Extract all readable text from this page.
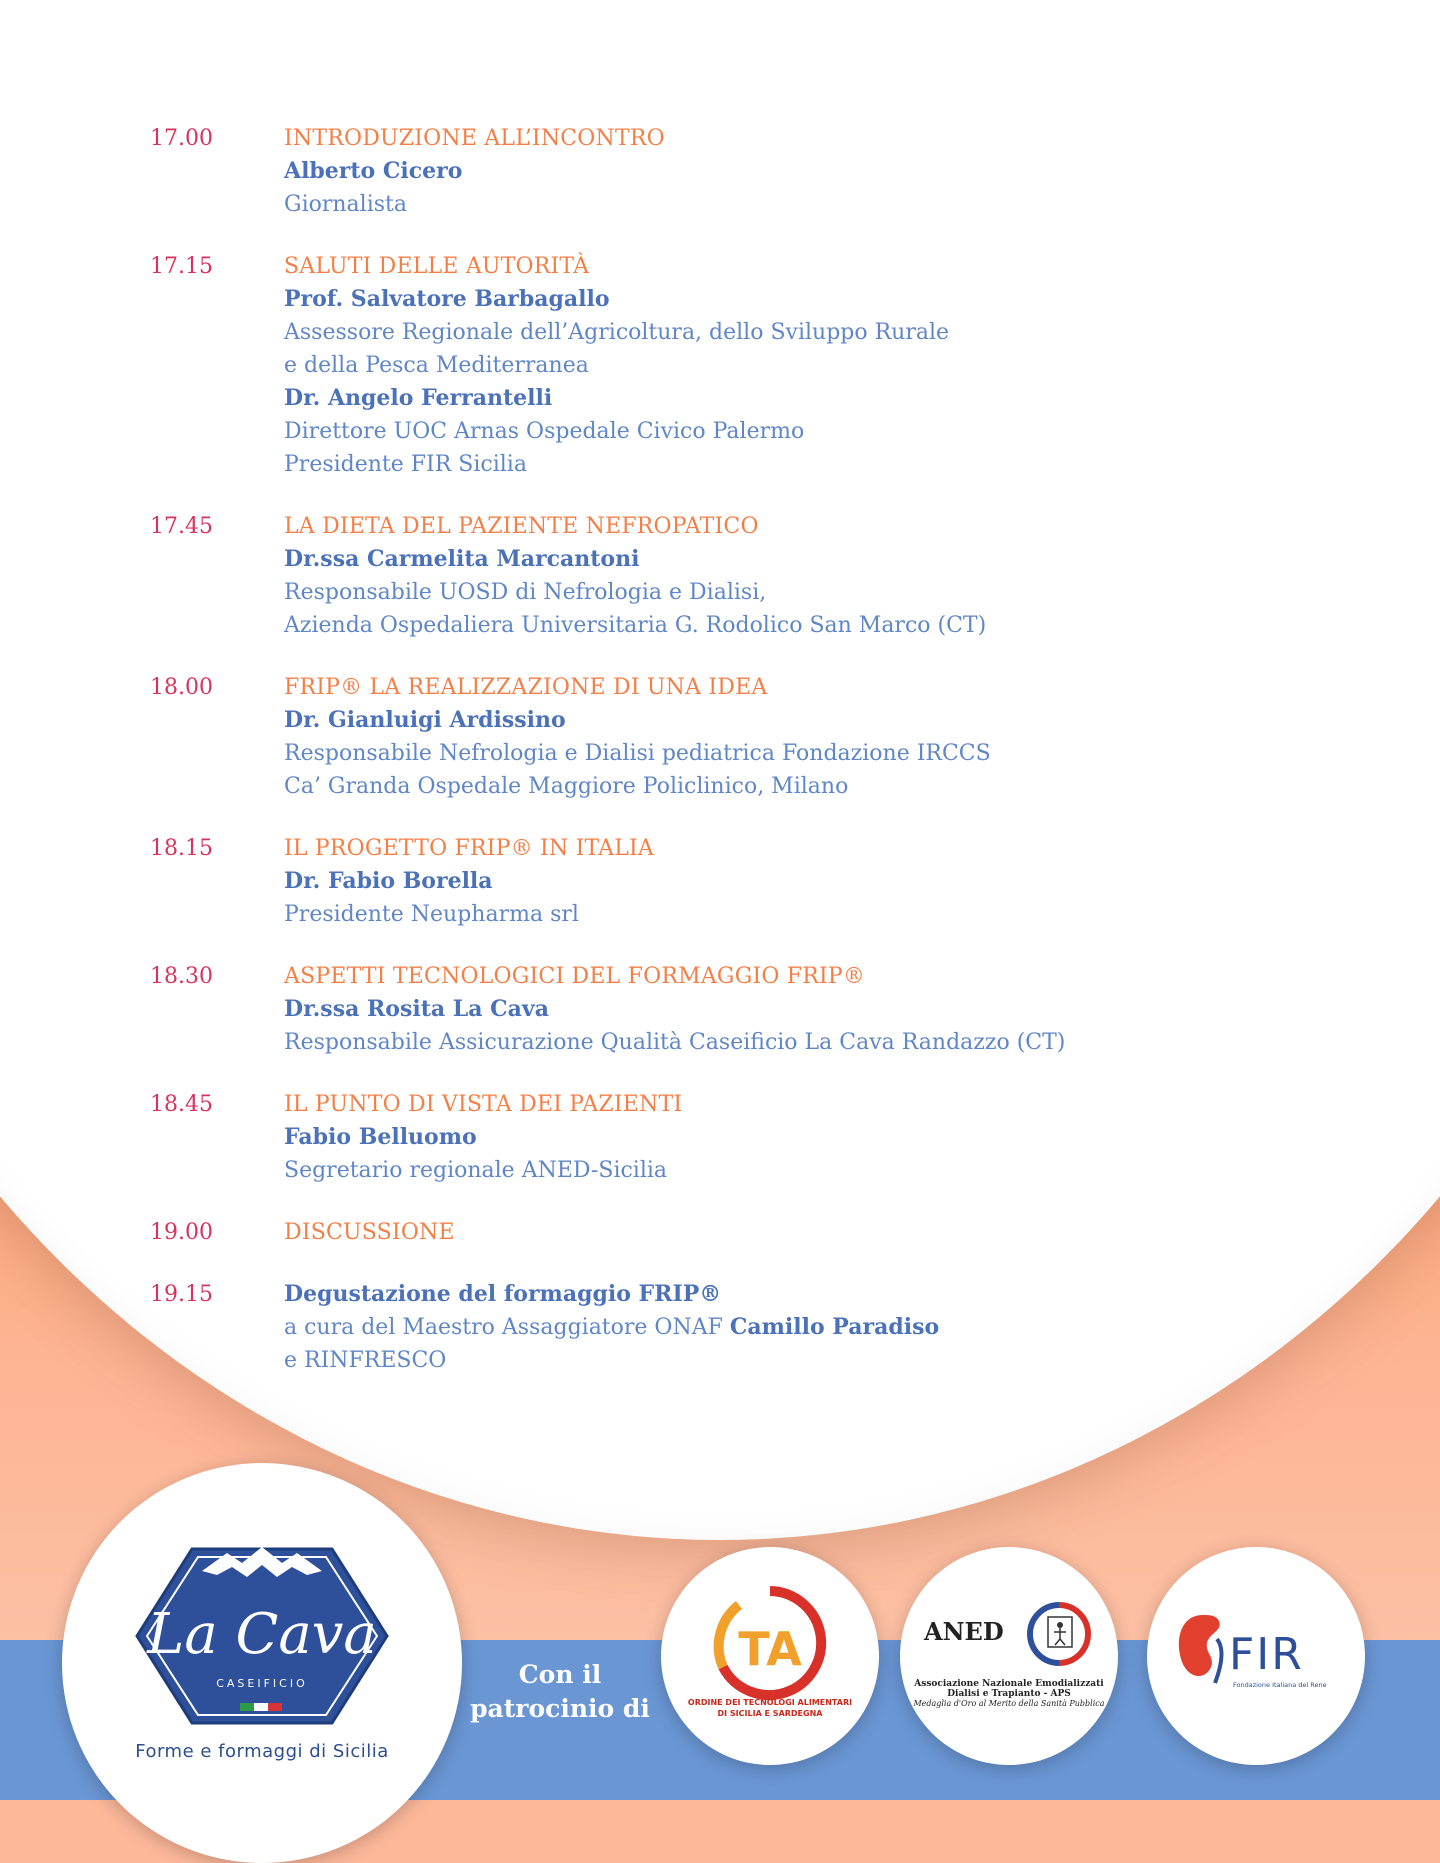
17.00	INTRODUZIONE ALL’INCONTRO
Alberto Cicero
Giornalista
17.15	SALUTI DELLE AUTORITÀ
Prof. Salvatore Barbagallo
Assessore Regionale dell’Agricoltura, dello Sviluppo Rurale
e della Pesca Mediterranea
Dr. Angelo Ferrantelli
Direttore UOC Arnas Ospedale Civico Palermo
Presidente FIR Sicilia
17.45	LA DIETA DEL PAZIENTE NEFROPATICO
Dr.ssa Carmelita Marcantoni
Responsabile UOSD di Nefrologia e Dialisi,
Azienda Ospedaliera Universitaria G. Rodolico San Marco (CT)
18.00	FRIP® LA REALIZZAZIONE DI UNA IDEA
Dr. Gianluigi Ardissino
Responsabile Nefrologia e Dialisi pediatrica Fondazione IRCCS
Ca’ Granda Ospedale Maggiore Policlinico, Milano
18.15	IL PROGETTO FRIP® IN ITALIA
Dr. Fabio Borella
Presidente Neupharma srl
18.30	ASPETTI TECNOLOGICI DEL FORMAGGIO FRIP®
Dr.ssa Rosita La Cava
Responsabile Assicurazione Qualità Caseificio La Cava Randazzo (CT)
18.45	IL PUNTO DI VISTA DEI PAZIENTI
Fabio Belluomo
Segretario regionale ANED-Sicilia
19.00	DISCUSSIONE
19.15	Degustazione del formaggio FRIP®
a cura del Maestro Assaggiatore ONAF Camillo Paradiso
e RINFRESCO
La Cava
CASEIFICIO
Forme e formaggi di Sicilia
Con il
patrocinio di
TA
ORDINE DEI TECNOLOGI ALIMENTARI
DI SICILIA E SARDEGNA
ANED
Associazione Nazionale Emodializzati
Dialisi e Trapianto - APS
Medaglia d'Oro al Merito della Sanità Pubblica
FIR
Fondazione Italiana del Rene
